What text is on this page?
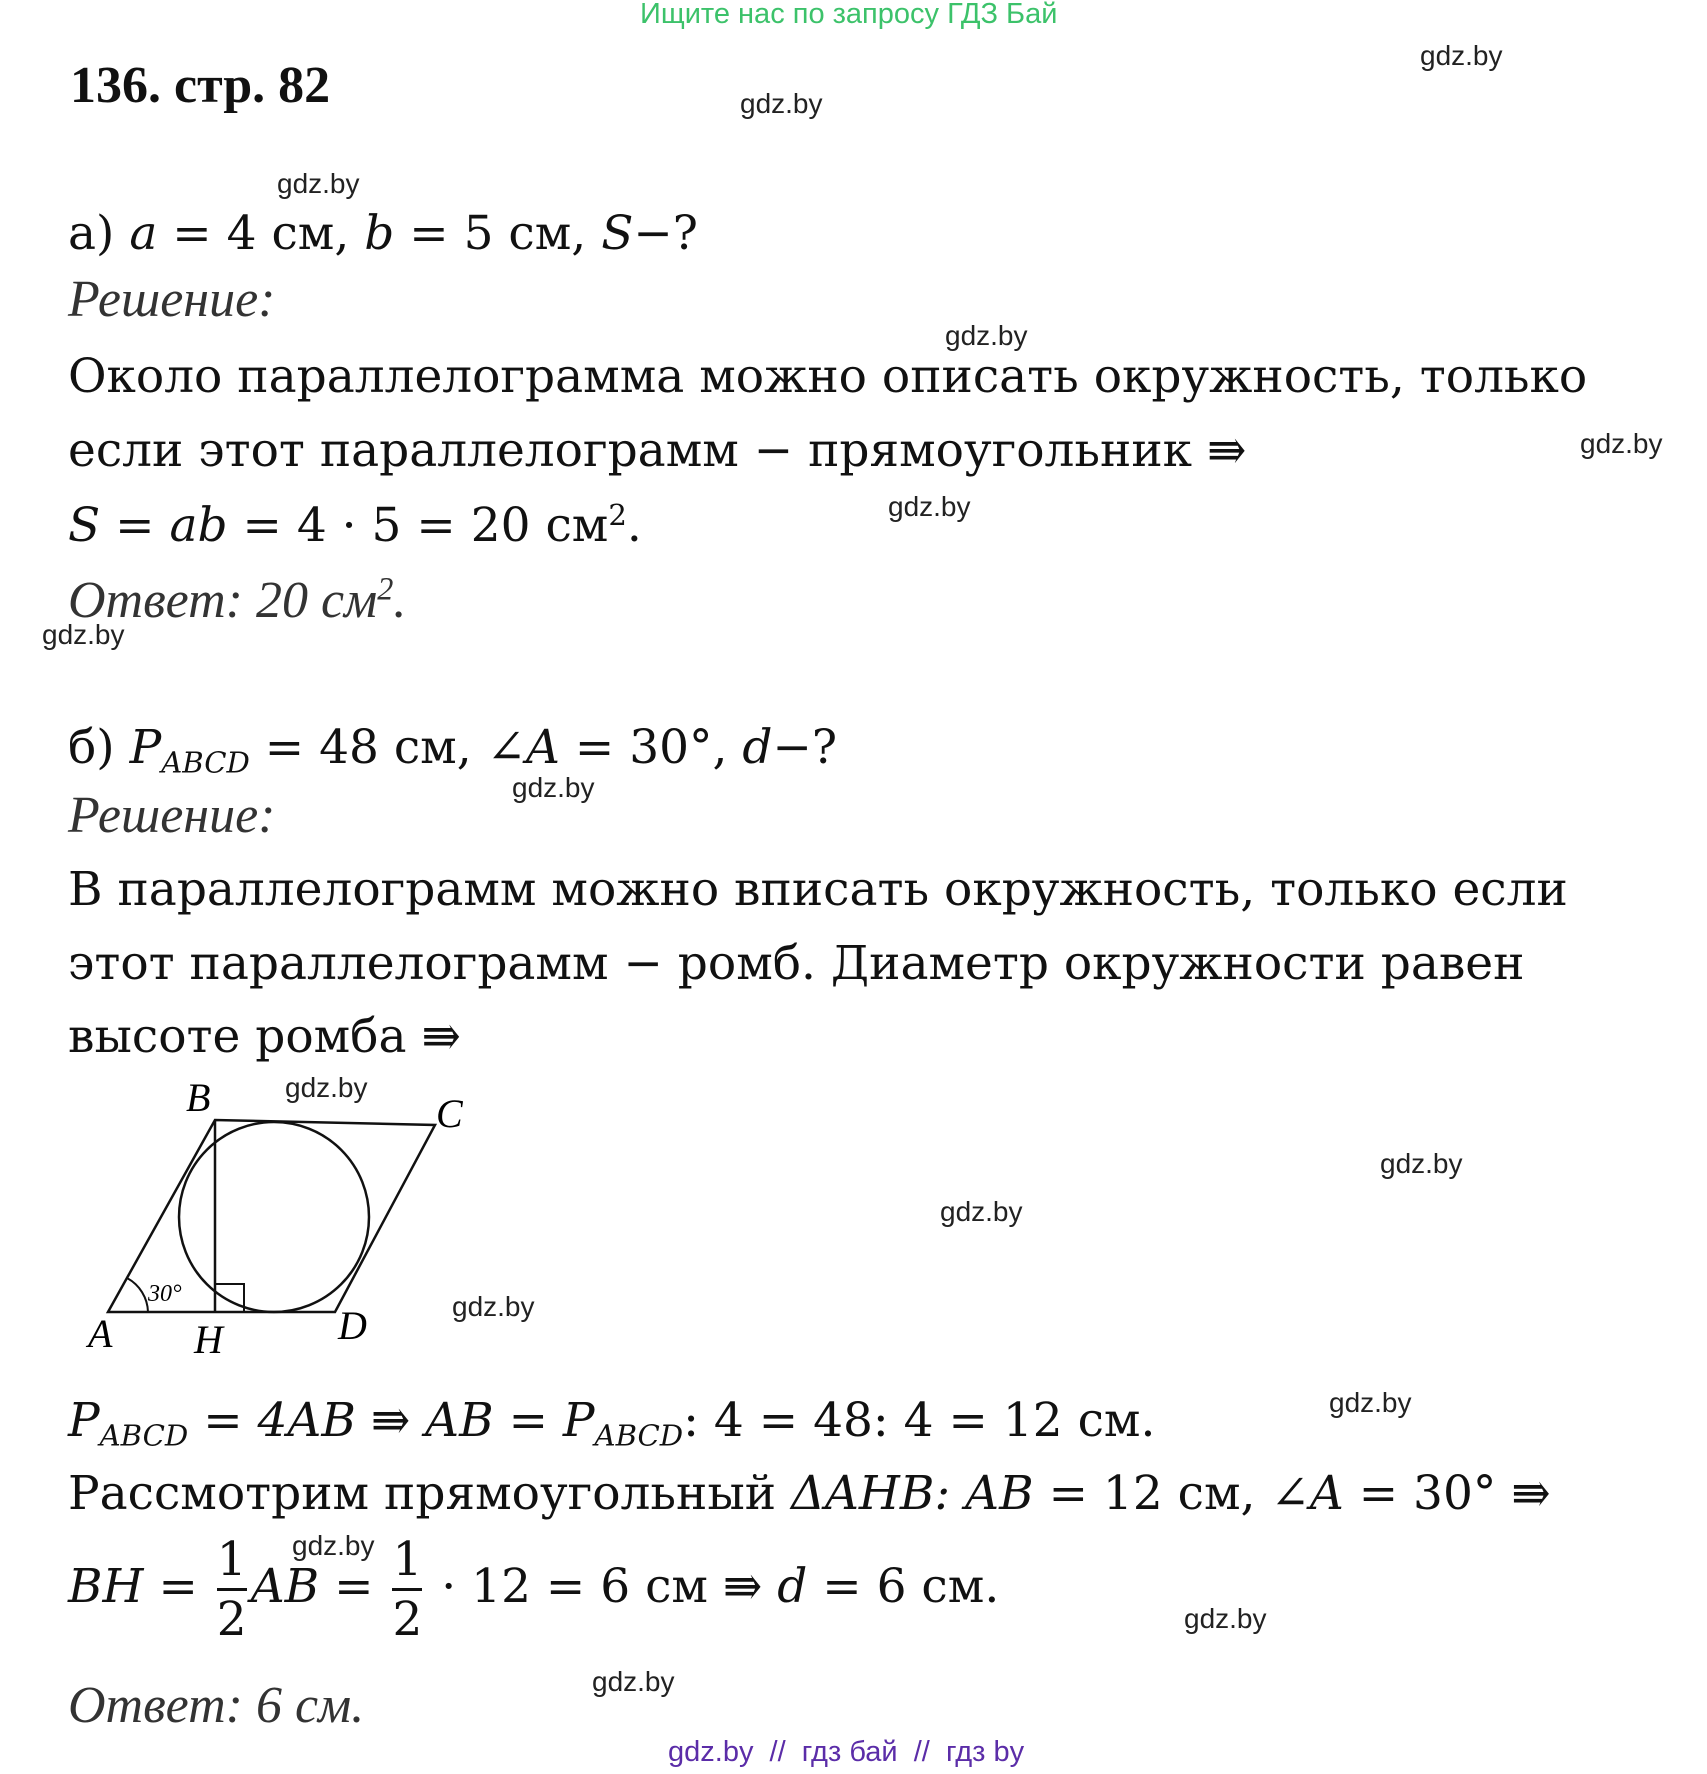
Ищите нас по запросу ГДЗ Бай
136. стр. 82
gdz.by
gdz.by
gdz.by
gdz.by
gdz.by
gdz.by
gdz.by
gdz.by
gdz.by
gdz.by
gdz.by
gdz.by
gdz.by
gdz.by
gdz.by
gdz.by
а) a = 4 см, b = 5 см, S−?
Решение:
Около параллелограмма можно описать окружность, только
если этот параллелограмм − прямоугольник ⇛
S = ab = 4 · 5 = 20 $см^2$.
Ответ: 20 $см^2$.
б) $P_{ABCD} = 48$ см, ∠A = 30°, d−?
Решение:
В параллелограмм можно вписать окружность, только если
этот параллелограмм − ромб. Диаметр окружности равен
высоте ромба ⇛
A
B	C
D
H
30°
$P_{ABCD} = 4AB$ ⇛ AB = $P_{ABCD}$: 4 = 48: 4 = 12 см.
Рассмотрим прямоугольный ΔAHB: AB = 12 см, ∠A = 30° ⇛
BH = $\frac{1}{2}$ AB = $\frac{1}{2} \cdot 12 = 6$ см ⇛ d = 6 см.
Ответ: 6 см.
gdz.by  //  гдз бай  //  гдз by
